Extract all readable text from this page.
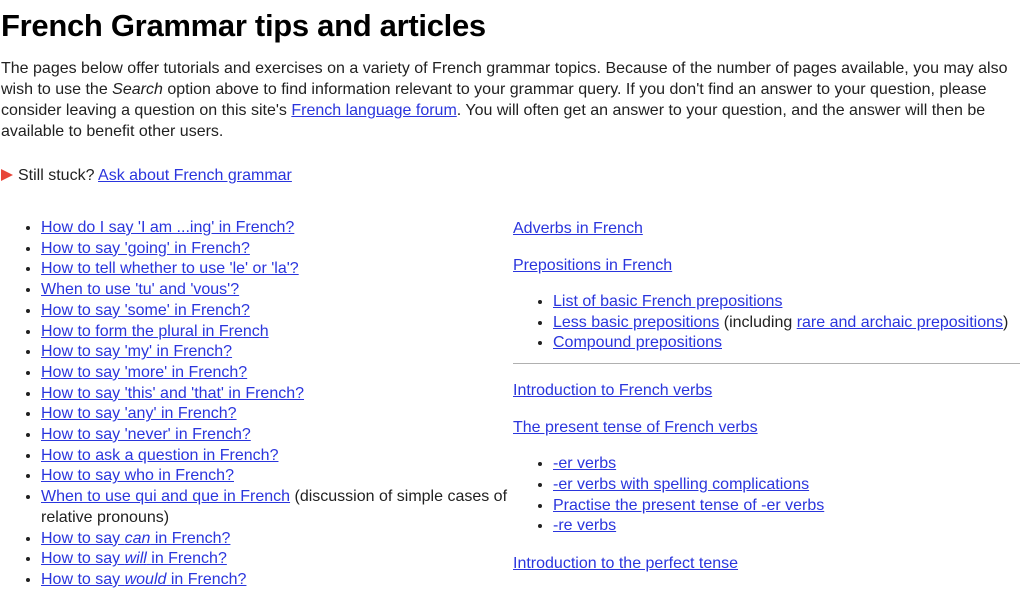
French Grammar tips and articles

The pages below offer tutorials and exercises on a variety of French grammar topics. Because of the number of pages available, you may also wish to use the Search option above to find information relevant to your grammar query. If you don't find an answer to your question, please consider leaving a question on this site's French language forum. You will often get an answer to your question, and the answer will then be available to benefit other users.

Still stuck? Ask about French grammar

• How do I say 'I am ...ing' in French?
• How to say 'going' in French?
• How to tell whether to use 'le' or 'la'?
• When to use 'tu' and 'vous'?
• How to say 'some' in French?
• How to form the plural in French
• How to say 'my' in French?
• How to say 'more' in French?
• How to say 'this' and 'that' in French?
• How to say 'any' in French?
• How to say 'never' in French?
• How to ask a question in French?
• How to say who in French?
• When to use qui and que in French (discussion of simple cases of relative pronouns)
• How to say can in French?
• How to say will in French?
• How to say would in French?

Adverbs in French

Prepositions in French

• List of basic French prepositions
• Less basic prepositions (including rare and archaic prepositions)
• Compound prepositions

Introduction to French verbs

The present tense of French verbs

• -er verbs
• -er verbs with spelling complications
• Practise the present tense of -er verbs
• -re verbs

Introduction to the perfect tense
